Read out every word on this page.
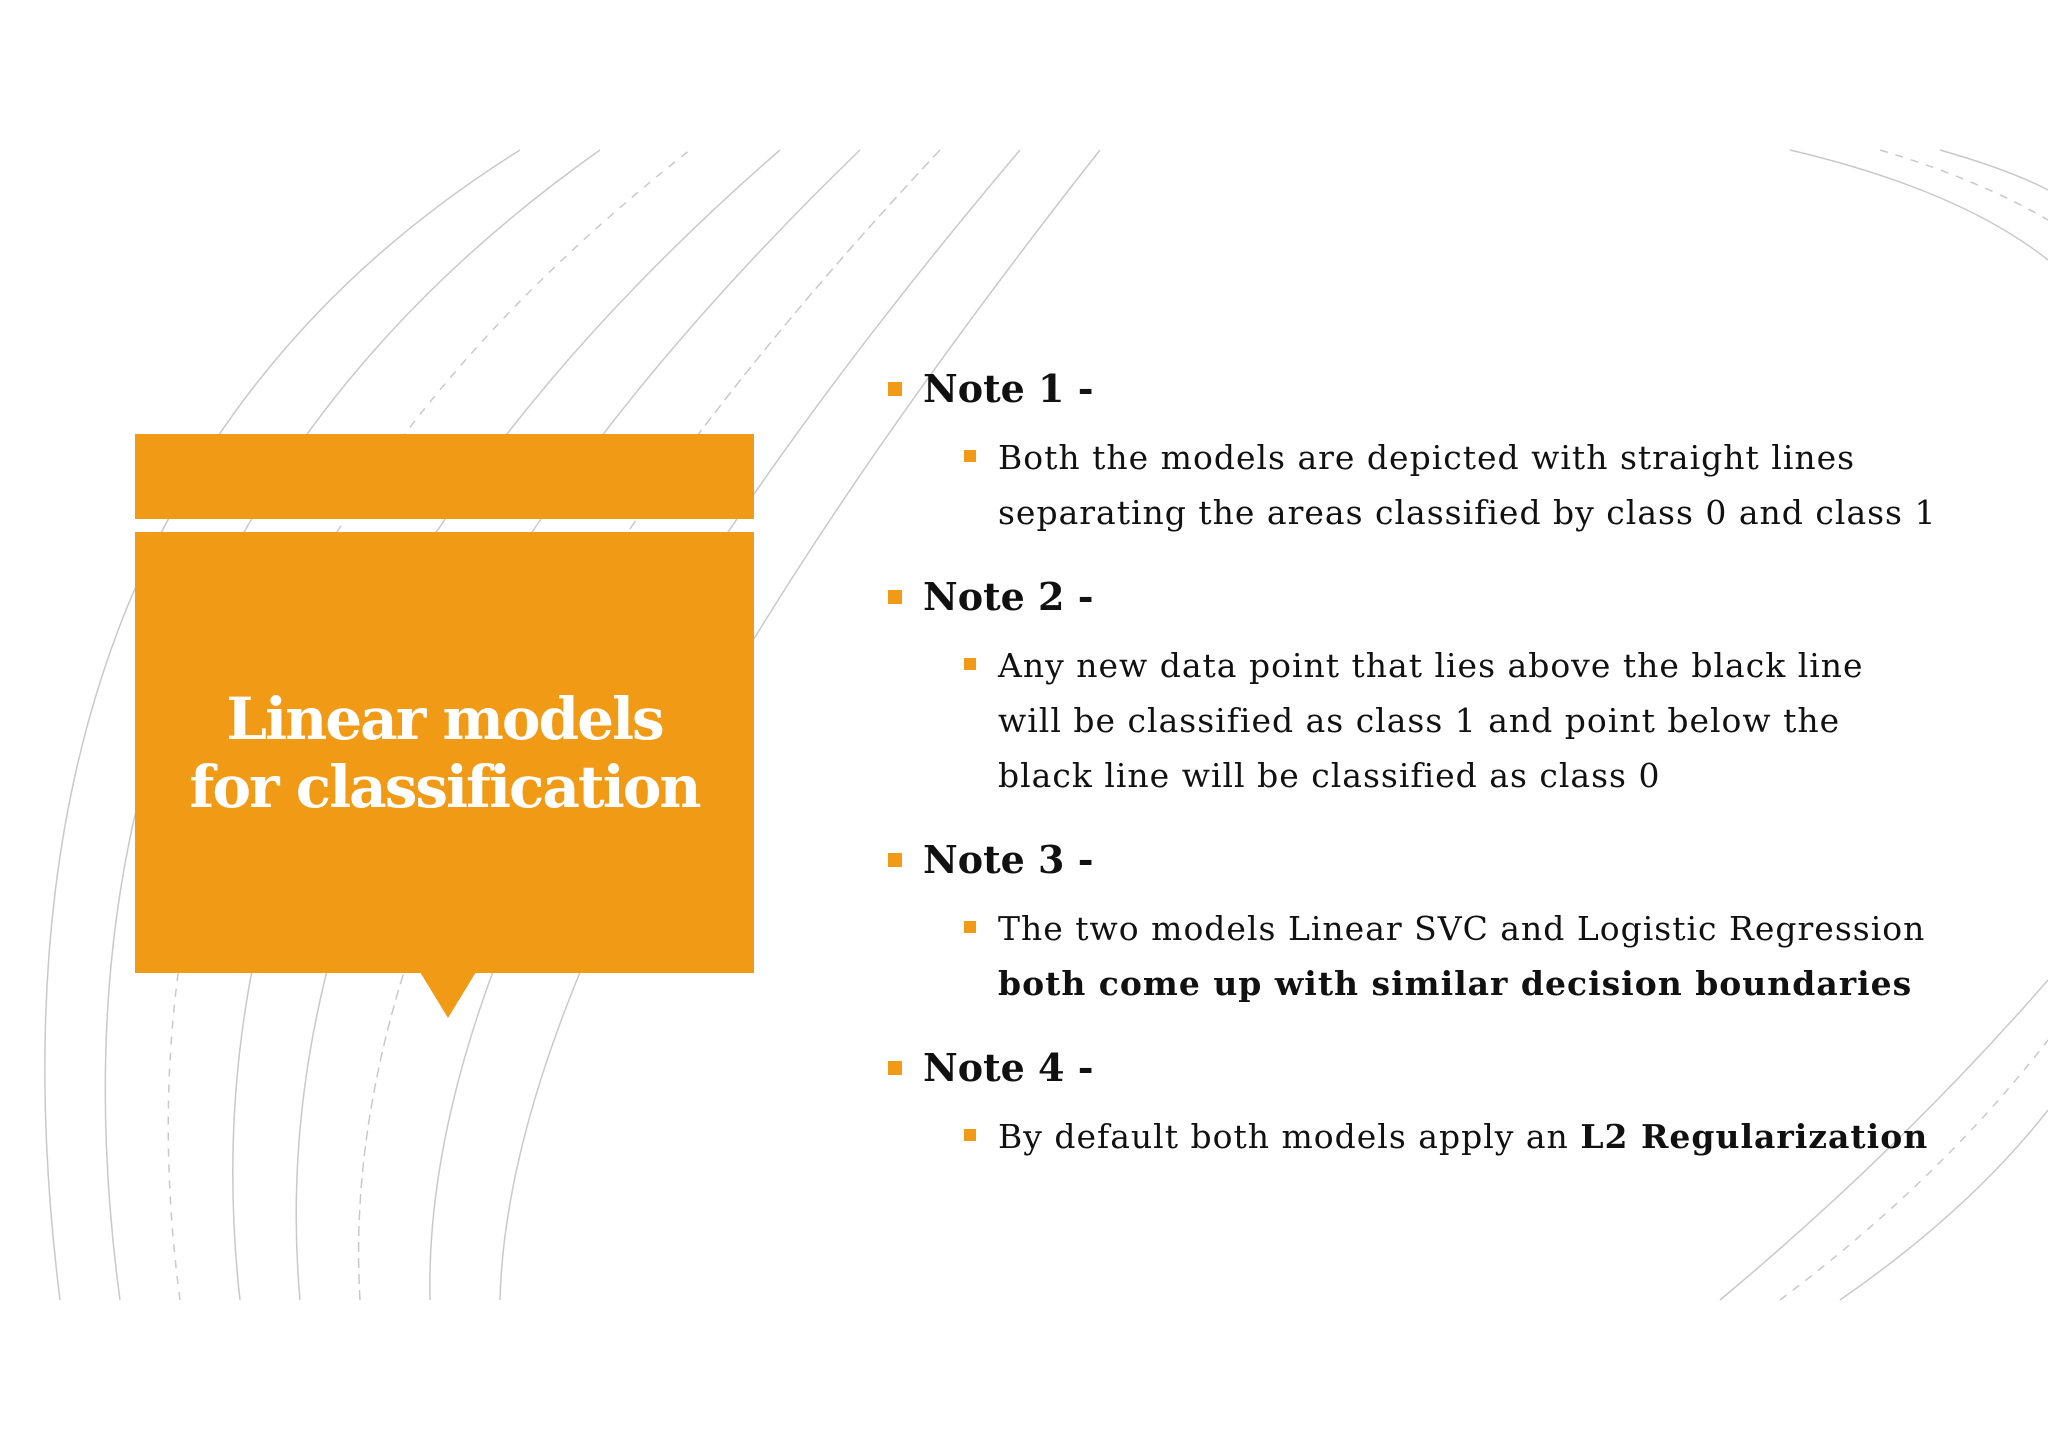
Linear models
for classification
Note 1 -
Both the models are depicted with straight lines
separating the areas classified by class 0 and class 1
Note 2 -
Any new data point that lies above the black line
will be classified as class 1 and point below the
black line will be classified as class 0
Note 3 -
The two models Linear SVC and Logistic Regression
both come up with similar decision boundaries
Note 4 -
By default both models apply an L2 Regularization
